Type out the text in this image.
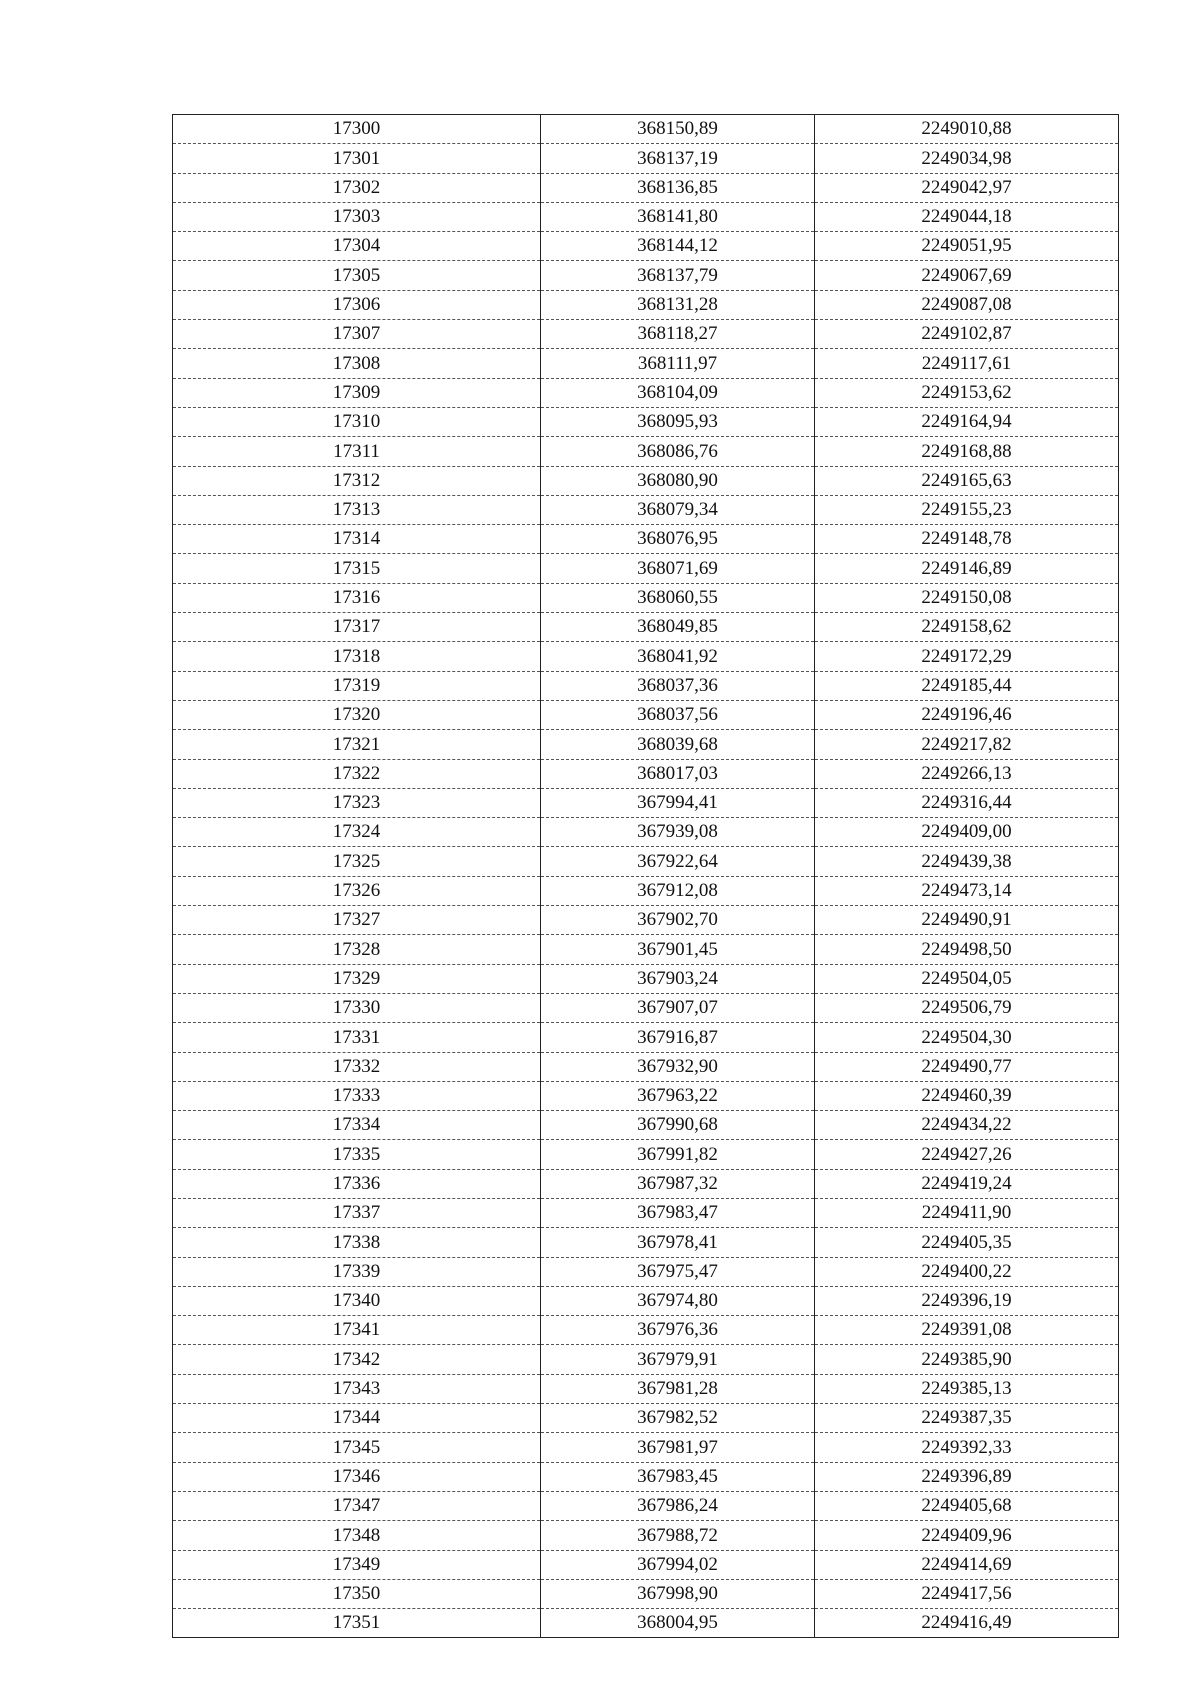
17300	368150,89	2249010,88
17301	368137,19	2249034,98
17302	368136,85	2249042,97
17303	368141,80	2249044,18
17304	368144,12	2249051,95
17305	368137,79	2249067,69
17306	368131,28	2249087,08
17307	368118,27	2249102,87
17308	368111,97	2249117,61
17309	368104,09	2249153,62
17310	368095,93	2249164,94
17311	368086,76	2249168,88
17312	368080,90	2249165,63
17313	368079,34	2249155,23
17314	368076,95	2249148,78
17315	368071,69	2249146,89
17316	368060,55	2249150,08
17317	368049,85	2249158,62
17318	368041,92	2249172,29
17319	368037,36	2249185,44
17320	368037,56	2249196,46
17321	368039,68	2249217,82
17322	368017,03	2249266,13
17323	367994,41	2249316,44
17324	367939,08	2249409,00
17325	367922,64	2249439,38
17326	367912,08	2249473,14
17327	367902,70	2249490,91
17328	367901,45	2249498,50
17329	367903,24	2249504,05
17330	367907,07	2249506,79
17331	367916,87	2249504,30
17332	367932,90	2249490,77
17333	367963,22	2249460,39
17334	367990,68	2249434,22
17335	367991,82	2249427,26
17336	367987,32	2249419,24
17337	367983,47	2249411,90
17338	367978,41	2249405,35
17339	367975,47	2249400,22
17340	367974,80	2249396,19
17341	367976,36	2249391,08
17342	367979,91	2249385,90
17343	367981,28	2249385,13
17344	367982,52	2249387,35
17345	367981,97	2249392,33
17346	367983,45	2249396,89
17347	367986,24	2249405,68
17348	367988,72	2249409,96
17349	367994,02	2249414,69
17350	367998,90	2249417,56
17351	368004,95	2249416,49
